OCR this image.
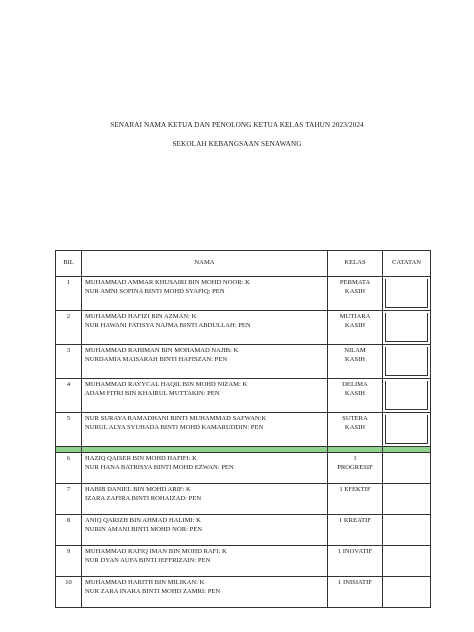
SENARAI NAMA KETUA DAN PENOLONG KETUA KELAS TAHUN 2023/2024
SEKOLAH KEBANGSAAN SENAWANG
BIL	NAMA	KELAS	CATATAN
1	MUHAMMAD AMMAR KHUSAIRI BIN MOHD NOOR: K
NUR AMNI SOFINA BINTI MOHD SYAFIQ: PEN	PERMATA
KASIH	

2	MUHAMMAD HAFIZI BIN AZMAN: K
NUR HAWANI FATISYA NAJMA BINTI ABDULLAH: PEN	MUTIARA
KASIH	

3	MUHAMMAD RAHIMAN BIN MOHAMAD NAJIB: K
NURDAMIA MAISARAH BINTI HAFISZAN: PEN	NILAM
KASIH	

4	MUHAMMAD RAYYCAL HAQIL BIN MOHD NIZAM: K
ADAM FITRI BIN KHAIRUL MUTTAKIN: PEN	DELIMA
KASIH	

5	NUR SURAYA RAMADHANI BINTI MUHAMMAD SAFWAN:K
NURUL ALYA SYUHADA BINTI MOHD KAMARUDDIN: PEN	SUTERA
KASIH	

6	HAZIQ QAISER BIN MOHD HAFIFI: K
NUR HANA BATRISYA BINTI MOHD EZWAN: PEN	1
PROGRESIF	

7	HABIB DANIEL BIN MOHD ARIF: K
IZARA ZAFIRA BINTI ROHAIZAD: PEN	1 EFEKTIF	

8	ANIQ QARIZH BIN AHMAD HALIMI: K
NURIN AMANI BINTI MOHD NOR: PEN	1 KREATIF	

9	MUHAMMAD RAFIQ IMAN BIN MOHD RAFI: K
NUR DYAN AUFA BINTI JEFFRIZAIN: PEN	1 INOVATIF	

10	MUHAMMAD HARITH BIN MILIKAN: K
NUR ZARA INARA BINTI MOHD ZAMRI: PEN	1 INISIATIF	
